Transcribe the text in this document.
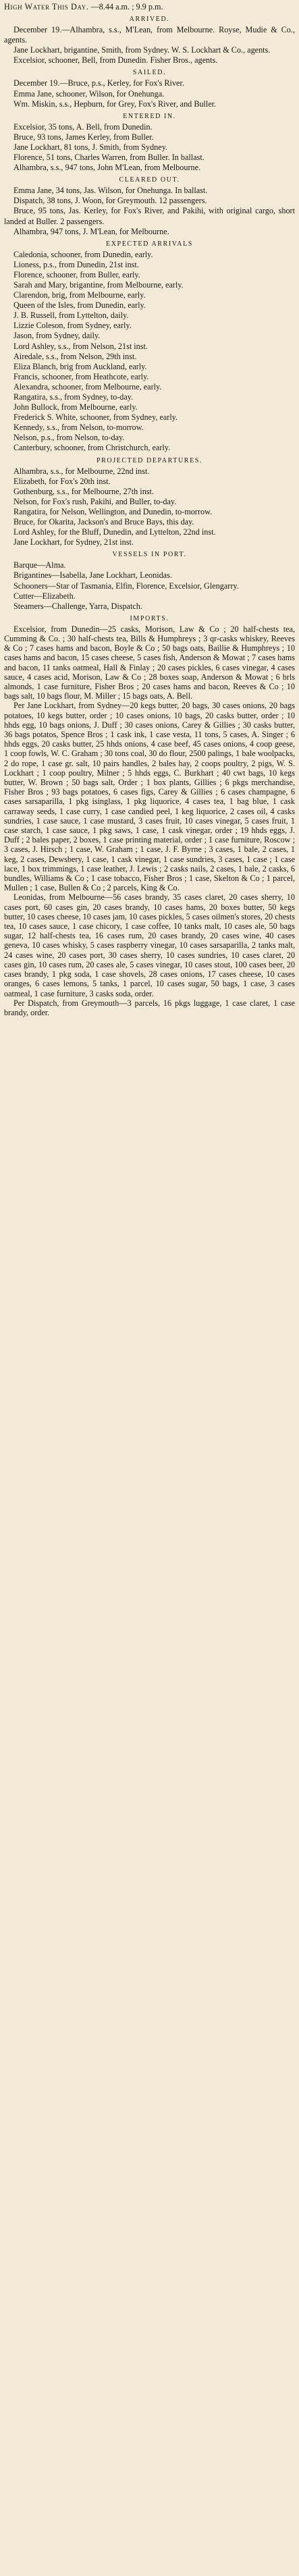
High Water This Day. —8.44 a.m. ; 9.9 p.m.

ARRIVED.

December 19.—Alhambra, s.s., M'Lean, from Melbourne. Royse, Mudie & Co., agents.

Jane Lockhart, brigantine, Smith, from Sydney. W. S. Lockhart & Co., agents.

Excelsior, schooner, Bell, from Dunedin. Fisher Bros., agents.

SAILED.

December 19.—Bruce, p.s., Kerley, for Fox's River.

Emma Jane, schooner, Wilson, for Onehunga.

Wm. Miskin, s.s., Hepburn, for Grey, Fox's River, and Buller.

ENTERED IN.

Excelsior, 35 tons, A. Bell, from Dunedin.

Bruce, 93 tons, James Kerley, from Buller.

Jane Lockhart, 81 tons, J. Smith, from Sydney.

Florence, 51 tons, Charles Warren, from Buller. In ballast.

Alhambra, s.s., 947 tons, John M'Lean, from Melbourne.

CLEARED OUT.

Emma Jane, 34 tons, Jas. Wilson, for Onehunga. In ballast.

Dispatch, 38 tons, J. Woon, for Greymouth. 12 passengers.

Bruce, 95 tons, Jas. Kerley, for Fox's River, and Pakihi, with original cargo, short landed at Buller. 2 passengers.

Alhambra, 947 tons, J. M'Lean, for Melbourne.

EXPECTED ARRIVALS

Caledonia, schooner, from Dunedin, early.

Lioness, p.s., from Dunedin, 21st inst.

Florence, schooner, from Buller, early.

Sarah and Mary, brigantine, from Melbourne, early.

Clarendon, brig, from Melbourne, early.

Queen of the Isles, from Dunedin, early.

J. B. Russell, from Lyttelton, daily.

Lizzie Coleson, from Sydney, early.

Jason, from Sydney, daily.

Lord Ashley, s.s., from Nelson, 21st inst.

Airedale, s.s., from Nelson, 29th inst.

Eliza Blanch, brig from Auckland, early.

Francis, schooner, from Heathcote, early.

Alexandra, schooner, from Melbourne, early.

Rangatira, s.s., from Sydney, to-day.

John Bullock, from Melbourne, early.

Frederick S. White, schooner, from Sydney, early.

Kennedy, s.s., from Nelson, to-morrow.

Nelson, p.s., from Nelson, to-day.

Canterbury, schooner, from Christchurch, early.

PROJECTED DEPARTURES.

Alhambra, s.s., for Melbourne, 22nd inst.

Elizabeth, for Fox's 20th inst.

Gothenburg, s.s., for Melbourne, 27th inst.

Nelson, for Fox's rush, Pakihi, and Buller, to-day.

Rangatira, for Nelson, Wellington, and Dunedin, to-morrow.

Bruce, for Okarita, Jackson's and Bruce Bays, this day.

Lord Ashley, for the Bluff, Dunedin, and Lyttelton, 22nd inst.

Jane Lockhart, for Sydney, 21st inst.

VESSELS IN PORT.

Barque—Alma.

Brigantines—Isabella, Jane Lockhart, Leonidas.

Schooners—Star of Tasmania, Elfin, Florence, Excelsior, Glengarry.

Cutter—Elizabeth.

Steamers—Challenge, Yarra, Dispatch.

IMPORTS.

Excelsior, from Dunedin—25 casks, Morison, Law & Co ; 20 half-chests tea, Cumming & Co. ; 30 half-chests tea, Bills & Humphreys ; 3 qr-casks whiskey, Reeves & Co ; 7 cases hams and bacon, Boyle & Co ; 50 bags oats, Baillie & Humphreys ; 10 cases hams and bacon, 15 cases cheese, 5 cases fish, Anderson & Mowat ; 7 cases hams and bacon, 11 tanks oatmeal, Hall & Finlay ; 20 cases pickles, 6 cases vinegar, 4 cases sauce, 4 cases acid, Morison, Law & Co ; 28 boxes soap, Anderson & Mowat ; 6 brls almonds, 1 case furniture, Fisher Bros ; 20 cases hams and bacon, Reeves & Co ; 10 bags salt, 10 bags flour, M. Miller ; 15 bags oats, A. Bell.

Per Jane Lockhart, from Sydney—20 kegs butter, 20 bags, 30 cases onions, 20 bags potatoes, 10 kegs butter, order ; 10 cases onions, 10 bags, 20 casks butter, order ; 10 hhds egg, 10 bags onions, J. Duff ; 30 cases onions, Carey & Gillies ; 30 casks butter, 36 bags potatos, Spence Bros ; 1 cask ink, 1 case vesta, 11 tons, 5 cases, A. Singer ; 6 hhds eggs, 20 casks butter, 25 hhds onions, 4 case beef, 45 cases onions, 4 coop geese, 1 coop fowls, W. C. Graham ; 30 tons coal, 30 do flour, 2500 palings, 1 bale woolpacks, 2 do rope, 1 case gr. salt, 10 pairs handles, 2 bales hay, 2 coops poultry, 2 pigs, W. S. Lockhart ; 1 coop poultry, Milner ; 5 hhds eggs, C. Burkhart ; 40 cwt bags, 10 kegs butter, W. Brown ; 50 bags salt, Order ; 1 box plants, Gillies ; 6 pkgs merchandise, Fisher Bros ; 93 bags potatoes, 6 cases figs, Carey & Gillies ; 6 cases champagne, 6 cases sarsaparilla, 1 pkg isinglass, 1 pkg liquorice, 4 cases tea, 1 bag blue, 1 cask carraway seeds, 1 case curry, 1 case candied peel, 1 keg liquorice, 2 cases oil, 4 casks sundries, 1 case sauce, 1 case mustard, 3 cases fruit, 10 cases vinegar, 5 cases fruit, 1 case starch, 1 case sauce, 1 pkg saws, 1 case, 1 cask vinegar, order ; 19 hhds eggs, J. Duff ; 2 bales paper, 2 boxes, 1 case printing material, order ; 1 case furniture, Roscow ; 3 cases, J. Hirsch ; 1 case, W. Graham ; 1 case, J. F. Byrne ; 3 cases, 1 bale, 2 cases, 1 keg, 2 cases, Dewsbery, 1 case, 1 cask vinegar, 1 case sundries, 3 cases, 1 case ; 1 case lace, 1 box trimmings, 1 case leather, J. Lewis ; 2 casks nails, 2 cases, 1 bale, 2 casks, 6 bundles, Williams & Co ; 1 case tobacco, Fisher Bros ; 1 case, Skelton & Co ; 1 parcel, Mullen ; 1 case, Bullen & Co ; 2 parcels, King & Co.

Leonidas, from Melbourne—56 cases brandy, 35 cases claret, 20 cases sherry, 10 cases port, 60 cases gin, 20 cases brandy, 10 cases hams, 20 boxes butter, 50 kegs butter, 10 cases cheese, 10 cases jam, 10 cases pickles, 5 cases oilmen's stores, 20 chests tea, 10 cases sauce, 1 case chicory, 1 case coffee, 10 tanks malt, 10 cases ale, 50 bags sugar, 12 half-chests tea, 16 cases rum, 20 cases brandy, 20 cases wine, 40 cases geneva, 10 cases whisky, 5 cases raspberry vinegar, 10 cases sarsaparilla, 2 tanks malt, 24 cases wine, 20 cases port, 30 cases sherry, 10 cases sundries, 10 cases claret, 20 cases gin, 10 cases rum, 20 cases ale, 5 cases vinegar, 10 cases stout, 100 cases beer, 20 cases brandy, 1 pkg soda, 1 case shovels, 28 cases onions, 17 cases cheese, 10 cases oranges, 6 cases lemons, 5 tanks, 1 parcel, 10 cases sugar, 50 bags, 1 case, 3 cases oatmeal, 1 case furniture, 3 casks soda, order.

Per Dispatch, from Greymouth—3 parcels, 16 pkgs luggage, 1 case claret, 1 case brandy, order.
